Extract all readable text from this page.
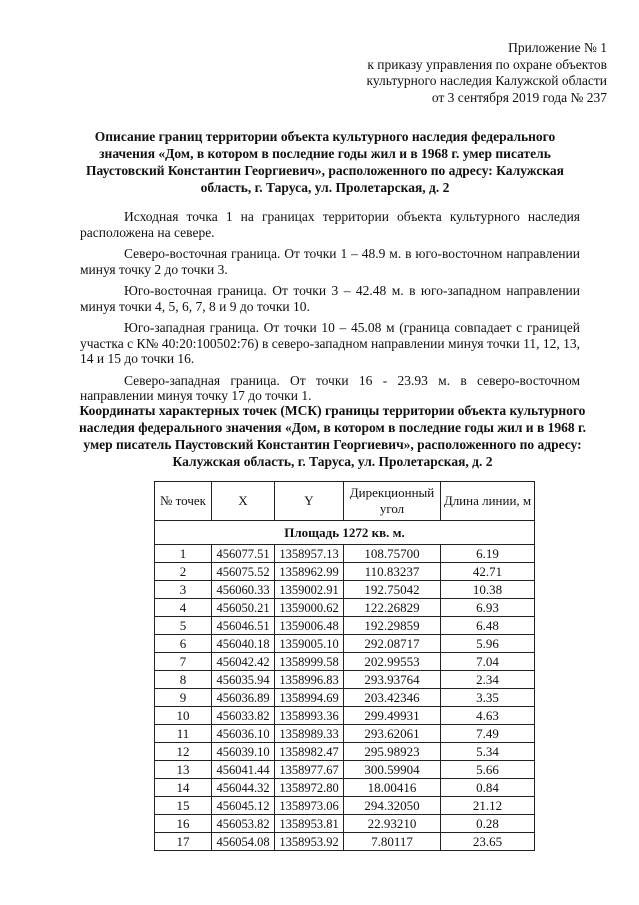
Приложение № 1
к приказу управления по охране объектов
культурного наследия Калужской области
от 3 сентября 2019 года № 237
Описание границ территории объекта культурного наследия федерального значения «Дом, в котором в последние годы жил и в 1968 г. умер писатель Паустовский Константин Георгиевич», расположенного по адресу: Калужская область, г. Таруса, ул. Пролетарская, д. 2

Исходная точка 1 на границах территории объекта культурного наследия расположена на севере.

Северо-восточная граница. От точки 1 – 48.9 м. в юго-восточном направлении минуя точку 2 до точки 3.

Юго-восточная граница. От точки 3 – 42.48 м. в юго-западном направлении минуя точки 4, 5, 6, 7, 8 и 9 до точки 10.

Юго-западная граница. От точки 10 – 45.08 м (граница совпадает с границей участка с К№ 40:20:100502:76) в северо-западном направлении минуя точки 11, 12, 13, 14 и 15 до точки 16.

Северо-западная граница. От точки 16 - 23.93 м. в северо-восточном направлении минуя точку 17 до точки 1.

Координаты характерных точек (МСК) границы территории объекта культурного наследия федерального значения «Дом, в котором в последние годы жил и в 1968 г. умер писатель Паустовский Константин Георгиевич», расположенного по адресу: Калужская область, г. Таруса, ул. Пролетарская, д. 2
№ точек	X	Y	Дирекционный угол	Длина линии, м
Площадь 1272 кв. м.				
1	456077.51	1358957.13	108.75700	6.19
2	456075.52	1358962.99	110.83237	42.71
3	456060.33	1359002.91	192.75042	10.38
4	456050.21	1359000.62	122.26829	6.93
5	456046.51	1359006.48	192.29859	6.48
6	456040.18	1359005.10	292.08717	5.96
7	456042.42	1358999.58	202.99553	7.04
8	456035.94	1358996.83	293.93764	2.34
9	456036.89	1358994.69	203.42346	3.35
10	456033.82	1358993.36	299.49931	4.63
11	456036.10	1358989.33	293.62061	7.49
12	456039.10	1358982.47	295.98923	5.34
13	456041.44	1358977.67	300.59904	5.66
14	456044.32	1358972.80	18.00416	0.84
15	456045.12	1358973.06	294.32050	21.12
16	456053.82	1358953.81	22.93210	0.28
17	456054.08	1358953.92	7.80117	23.65
